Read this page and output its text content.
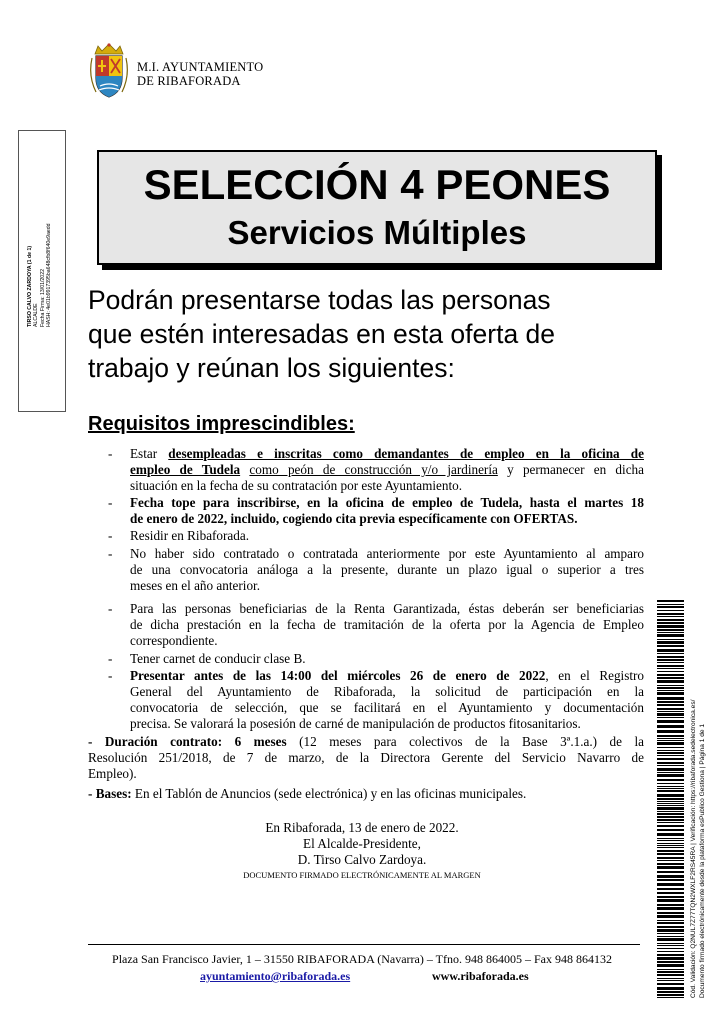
M.I. AYUNTAMIENTO
DE RIBAFORADA
TIRSO CALVO ZARDOYA (1 de 1) ALCALDE Fecha Firma: 13/01/2022 HASH: 4e01b9917395ba648cfb8f640e9aedd
SELECCIÓN 4 PEONES
Servicios Múltiples
Podrán presentarse todas las personas
que estén interesadas en esta oferta de
trabajo y reúnan los siguientes:
Requisitos imprescindibles:
- Estar desempleadas e inscritas como demandantes de empleo en la oficina de
empleo de Tudela como peón de construcción y/o jardinería y permanecer en dicha
situación en la fecha de su contratación por este Ayuntamiento.
- Fecha tope para inscribirse, en la oficina de empleo de Tudela, hasta el martes 18
de enero de 2022, incluido, cogiendo cita previa específicamente con OFERTAS.
- Residir en Ribaforada.
- No haber sido contratado o contratada anteriormente por este Ayuntamiento al amparo
de una convocatoria análoga a la presente, durante un plazo igual o superior a tres
meses en el año anterior.
- Para las personas beneficiarias de la Renta Garantizada, éstas deberán ser beneficiarias
de dicha prestación en la fecha de tramitación de la oferta por la Agencia de Empleo
correspondiente.
- Tener carnet de conducir clase B.
- Presentar antes de las 14:00 del miércoles 26 de enero de 2022, en el Registro
General del Ayuntamiento de Ribaforada, la solicitud de participación en la
convocatoria de selección, que se facilitará en el Ayuntamiento y documentación
precisa. Se valorará la posesión de carné de manipulación de productos fitosanitarios.
- Duración contrato: 6 meses (12 meses para colectivos de la Base 3ª.1.a.) de la
Resolución 251/2018, de 7 de marzo, de la Directora Gerente del Servicio Navarro de
Empleo).
- Bases: En el Tablón de Anuncios (sede electrónica) y en las oficinas municipales.
En Ribaforada, 13 de enero de 2022.
El Alcalde-Presidente,
D. Tirso Calvo Zardoya.
DOCUMENTO FIRMADO ELECTRÓNICAMENTE AL MARGEN
Plaza San Francisco Javier, 1 – 31550 RIBAFORADA (Navarra) – Tfno. 948 864005 – Fax 948 864132
ayuntamiento@ribaforada.es	www.ribaforada.es	Cód. Validación: Q2NUL7Z77TQN2WXLF2RS45RA | Verificación: https://ribaforada.sedelectronica.es/ Documento firmado electrónicamente desde la plataforma esPublico Gestiona | Página 1 de 1
